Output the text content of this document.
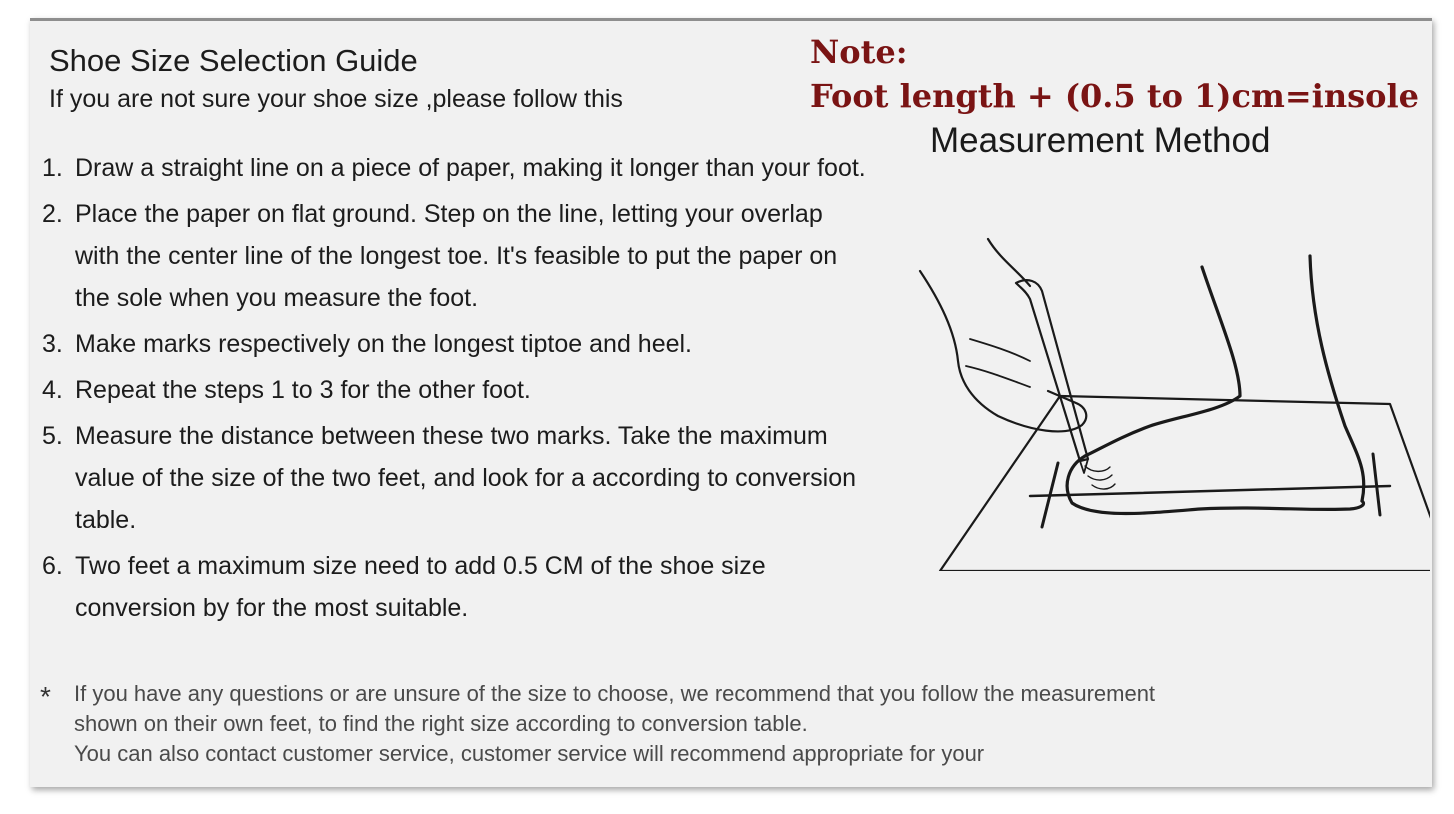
Shoe Size Selection Guide
If you are not sure your shoe size ,please follow this
1. Draw a straight line on a piece of paper, making it longer than your foot.
2. Place the paper on flat ground. Step on the line, letting your overlap with the center line of the longest toe. It's feasible to put the paper on the sole when you measure the foot.
3. Make marks respectively on the longest tiptoe and heel.
4. Repeat the steps 1 to 3 for the other foot.
5. Measure the distance between these two marks. Take the maximum value of the size of the two feet, and look for a according to conversion table.
6. Two feet a maximum size need to add 0.5 CM of the shoe size conversion by for the most suitable.
Note:
Foot length + (0.5 to 1)cm=insole
Measurement Method
* If you have any questions or are unsure of the size to choose, we recommend that you follow the measurement
shown on their own feet, to find the right size according to conversion table.
You can also contact customer service, customer service will recommend appropriate for your
